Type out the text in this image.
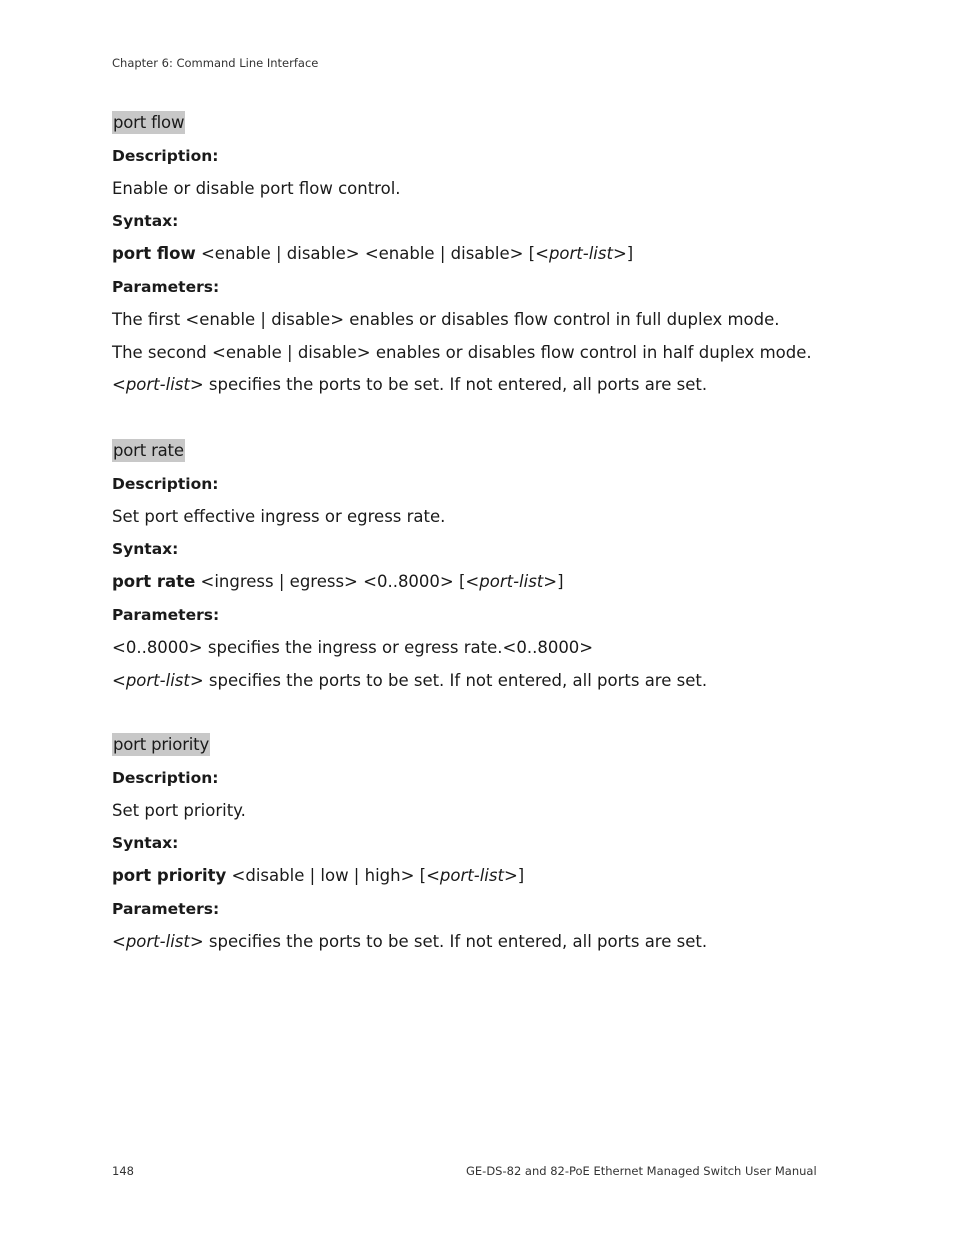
Chapter 6: Command Line Interface
port flow
Description:
Enable or disable port flow control.
Syntax:
port flow <enable | disable> <enable | disable> [<port-list>]
Parameters:
The first <enable | disable> enables or disables flow control in full duplex mode.
The second <enable | disable> enables or disables flow control in half duplex mode.
<port-list> specifies the ports to be set. If not entered, all ports are set.
port rate
Description:
Set port effective ingress or egress rate.
Syntax:
port rate <ingress | egress> <0..8000> [<port-list>]
Parameters:
<0..8000> specifies the ingress or egress rate.<0..8000>
<port-list> specifies the ports to be set. If not entered, all ports are set.
port priority
Description:
Set port priority.
Syntax:
port priority <disable | low | high> [<port-list>]
Parameters:
<port-list> specifies the ports to be set. If not entered, all ports are set.
148	GE-DS-82 and 82-PoE Ethernet Managed Switch User Manual
